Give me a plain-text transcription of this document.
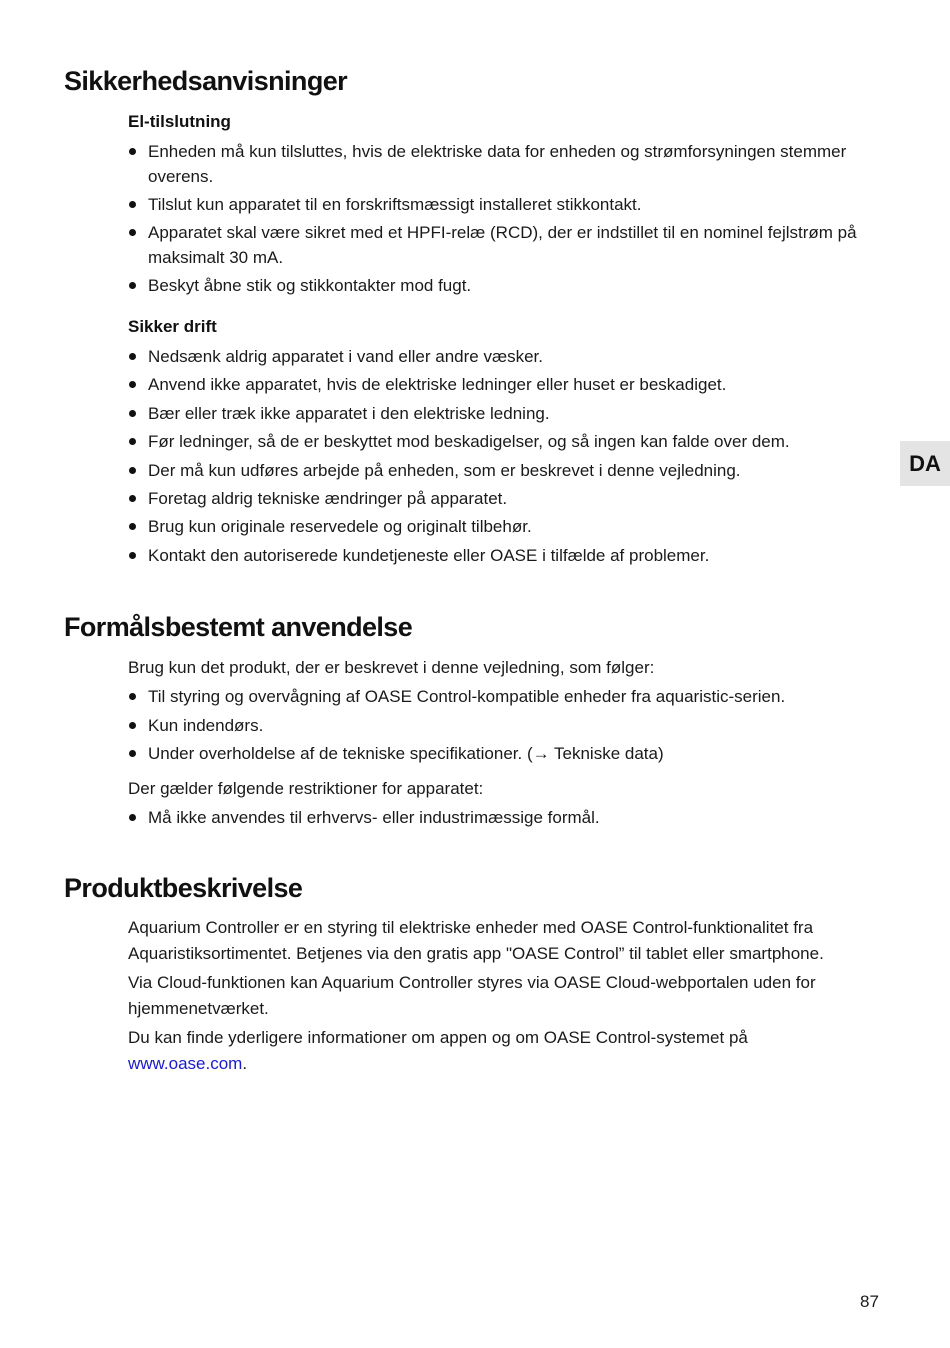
Sikkerhedsanvisninger
El-tilslutning
Enheden må kun tilsluttes, hvis de elektriske data for enheden og strømforsyningen stemmer overens.
Tilslut kun apparatet til en forskriftsmæssigt installeret stikkontakt.
Apparatet skal være sikret med et HPFI-relæ (RCD), der er indstillet til en nominel fejlstrøm på maksimalt 30 mA.
Beskyt åbne stik og stikkontakter mod fugt.
Sikker drift
Nedsænk aldrig apparatet i vand eller andre væsker.
Anvend ikke apparatet, hvis de elektriske ledninger eller huset er beskadiget.
Bær eller træk ikke apparatet i den elektriske ledning.
Før ledninger, så de er beskyttet mod beskadigelser, og så ingen kan falde over dem.
Der må kun udføres arbejde på enheden, som er beskrevet i denne vejledning.
Foretag aldrig tekniske ændringer på apparatet.
Brug kun originale reservedele og originalt tilbehør.
Kontakt den autoriserede kundetjeneste eller OASE i tilfælde af problemer.
Formålsbestemt anvendelse

Brug kun det produkt, der er beskrevet i denne vejledning, som følger:

Til styring og overvågning af OASE Control-kompatible enheder fra aquaristic-serien.
Kun indendørs.
Under overholdelse af de tekniske specifikationer. (→ Tekniske data)

Der gælder følgende restriktioner for apparatet:

Må ikke anvendes til erhvervs- eller industrimæssige formål.
Produktbeskrivelse

Aquarium Controller er en styring til elektriske enheder med OASE Control-funktionalitet fra Aquaristiksortimentet. Betjenes via den gratis app "OASE Control” til tablet eller smartphone.

Via Cloud-funktionen kan Aquarium Controller styres via OASE Cloud-webportalen uden for hjemmenetværket.

Du kan finde yderligere informationer om appen og om OASE Control-systemet på
www.oase.com.

DA
87
